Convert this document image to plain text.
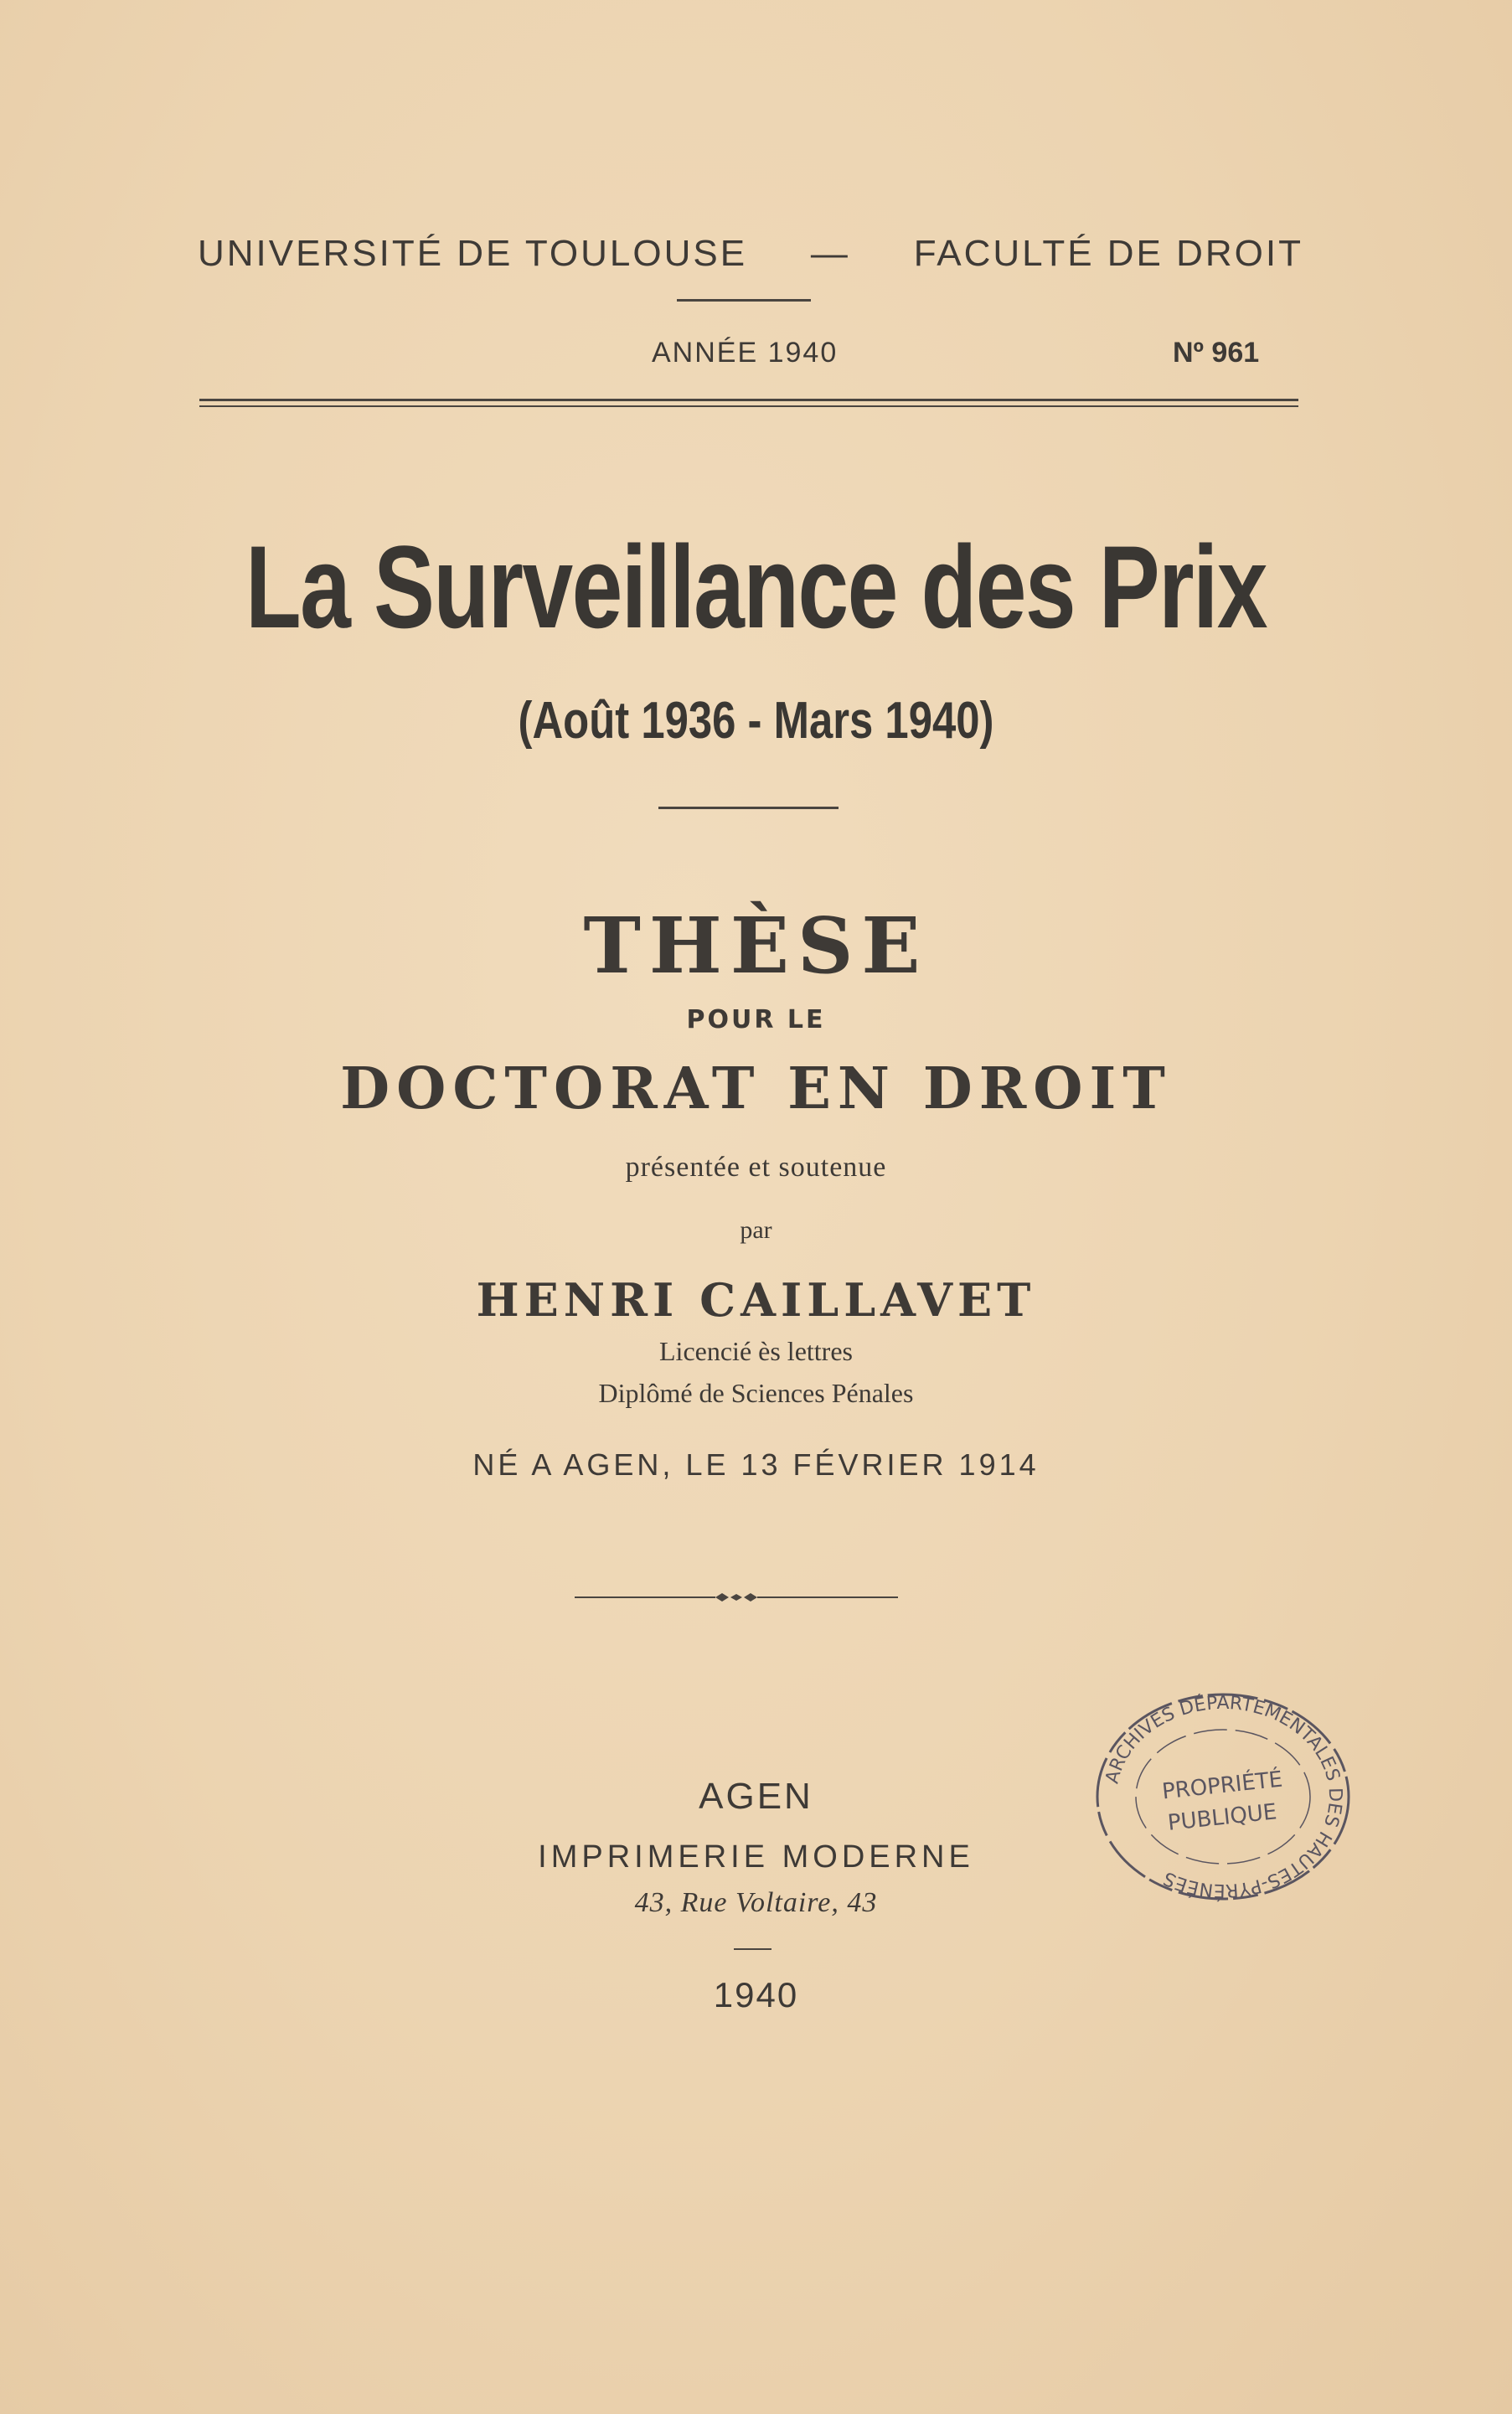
UNIVERSITÉ DE TOULOUSE — FACULTÉ DE DROIT
ANNÉE 1940	Nº 961
La Surveillance des Prix
(Août 1936 - Mars 1940)
THÈSE
POUR LE
DOCTORAT EN DROIT
présentée et soutenue
par
HENRI CAILLAVET
Licencié ès lettres
Diplômé de Sciences Pénales
NÉ A AGEN, LE 13 FÉVRIER 1914
AGEN
IMPRIMERIE MODERNE
43, Rue Voltaire, 43
1940
ARCHIVES DÉPARTEMENTALES DES HAUTES-PYRÉNÉES
PROPRIÉTÉ
PUBLIQUE
